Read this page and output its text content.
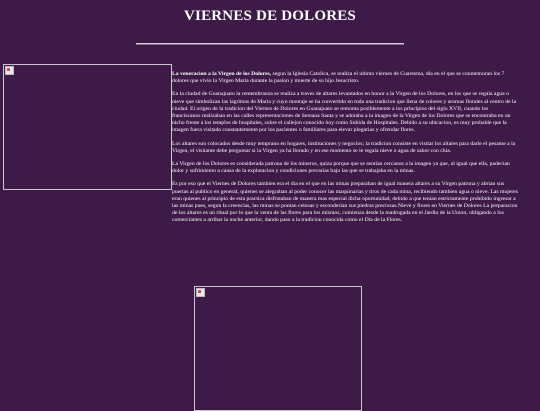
VIERNES DE DOLORES

La veneracion a la Virgen de los Dolores, segun la Iglesia Catolica, se realiza el ultimo viernes de Cuaresma, dia en el que se conmemoran los 7 dolores que vivio la Virgen Maria durante la pasion y muerte de su hijo Jesucristo.

En la ciudad de Guanajuato la remembranza se realiza a traves de altares levantados en honor a la Virgen de los Dolores, en los que se regala agua o nieve que simbolizan las lagrimas de Maria y cuyo montaje se ha convertido en toda una tradicion que llena de colores y aromas florales al centro de la ciudad. El origen de la tradicion del Viernes de Dolores en Guanajuato se remonta posiblemente a los principios del siglo XVII, cuando los franciscanos realizaban en las calles representaciones de Semana Santa y se adoraba a la imagen de la Virgen de los Dolores que se encontraba en un nicho frente a los templos de hospitales, sobre el callejon conocido hoy como Subida de Hospitales. Debido a su ubicacion, es muy probable que la imagen fuera visitada constantemente por los pacientes o familiares para elevar plegarias y ofrendar flores.

Los altares son colocados desde muy temprano en hogares, instituciones y negocios; la tradicion consiste en visitar los altares para darle el pesame a la Virgen, el visitante debe preguntar si la Virgen ya ha llorado y en ese momento se le regala nieve o agua de sabor con chia.

La Virgen de los Dolores es considerada patrona de los mineros, quiza porque que se sentian cercanos a la imagen ya que, al igual que ella, padecian dolor y sufrimiento a causa de la explotacion y condiciones precarias bajo las que se trabajaba en la minas.

Es por eso que el Viernes de Dolores tambien era el dia en el que en las minas preparaban de igual manera altares a su Virgen patrona y abrian sus puertas al publico en general, quienes se alegraban al poder conocer las maquinarias y tiros de cada mina, recibiendo tambien agua o nieve. Las mujeres eran quienes al principio de esta practica disfrutaban de manera mas especial dicha oportunidad, debido a que tenian estrictamente prohibido ingresar a las minas pues, segun la creencias, las minas se ponian celosas y esconderian sus piedras preciosas.Nieve y flores en Viernes de Dolores La preparacion de los altares es un ritual por lo que la venta de las flores para los mismos, comienza desde la madrugada en el Jardin de la Union, obligando a los comerciantes a arribar la noche anterior, dando paso a la tradicion conocida como el Dia de la Flores.
